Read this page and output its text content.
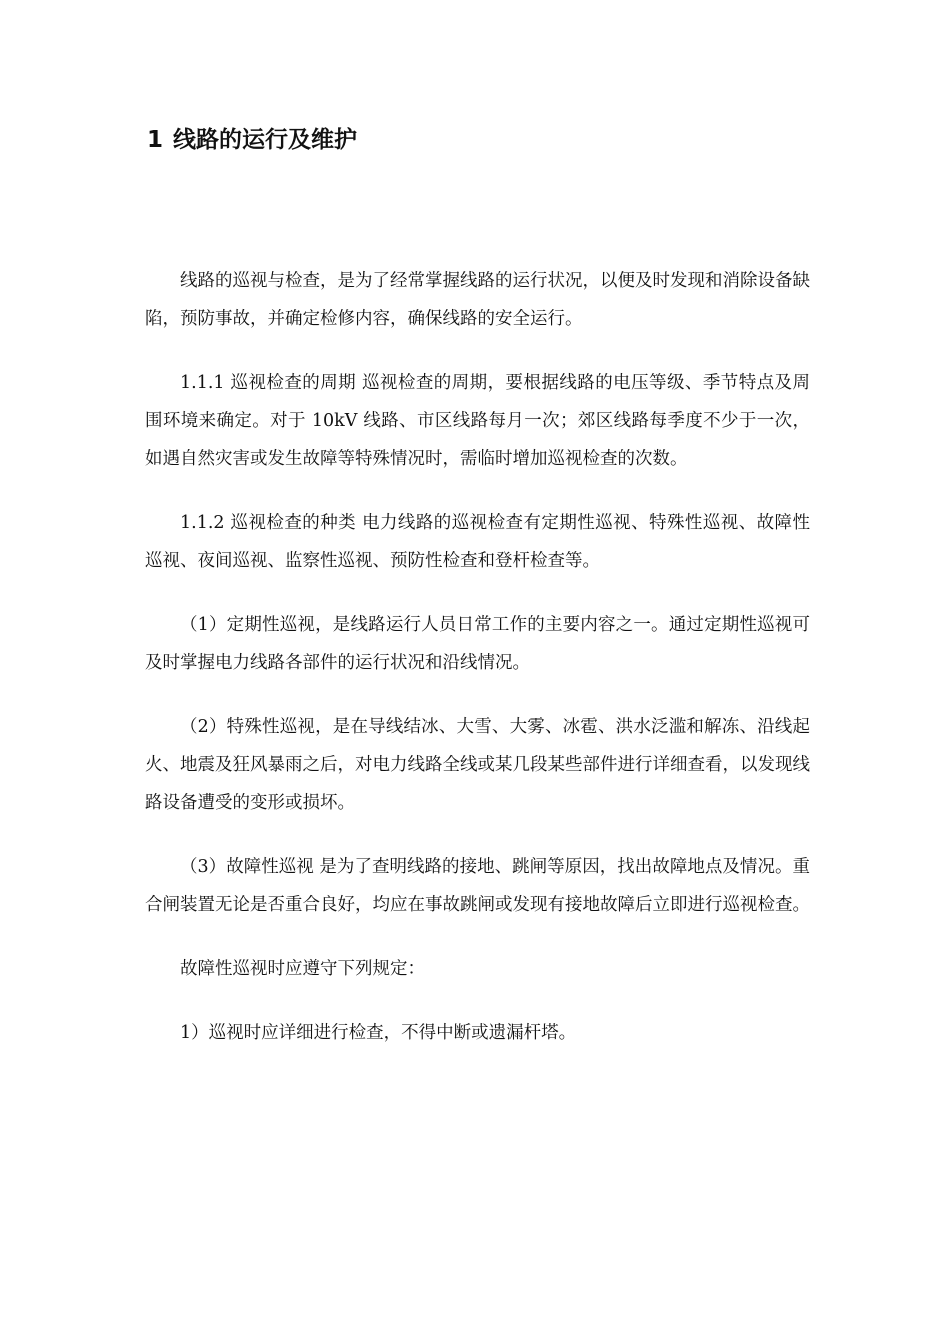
1 线路的运行及维护

线路的巡视与检查，是为了经常掌握线路的运行状况，以便及时发现和消除设备缺陷，预防事故，并确定检修内容，确保线路的安全运行。

1.1.1 巡视检查的周期 巡视检查的周期，要根据线路的电压等级、季节特点及周围环境来确定。对于 10kV 线路、市区线路每月一次；郊区线路每季度不少于一次，如遇自然灾害或发生故障等特殊情况时，需临时增加巡视检查的次数。

1.1.2 巡视检查的种类 电力线路的巡视检查有定期性巡视、特殊性巡视、故障性巡视、夜间巡视、监察性巡视、预防性检查和登杆检查等。

（1）定期性巡视，是线路运行人员日常工作的主要内容之一。通过定期性巡视可及时掌握电力线路各部件的运行状况和沿线情况。

（2）特殊性巡视，是在导线结冰、大雪、大雾、冰雹、洪水泛滥和解冻、沿线起火、地震及狂风暴雨之后，对电力线路全线或某几段某些部件进行详细查看，以发现线路设备遭受的变形或损坏。

（3）故障性巡视 是为了查明线路的接地、跳闸等原因，找出故障地点及情况。重合闸装置无论是否重合良好，均应在事故跳闸或发现有接地故障后立即进行巡视检查。

故障性巡视时应遵守下列规定：

1）巡视时应详细进行检查，不得中断或遗漏杆塔。
